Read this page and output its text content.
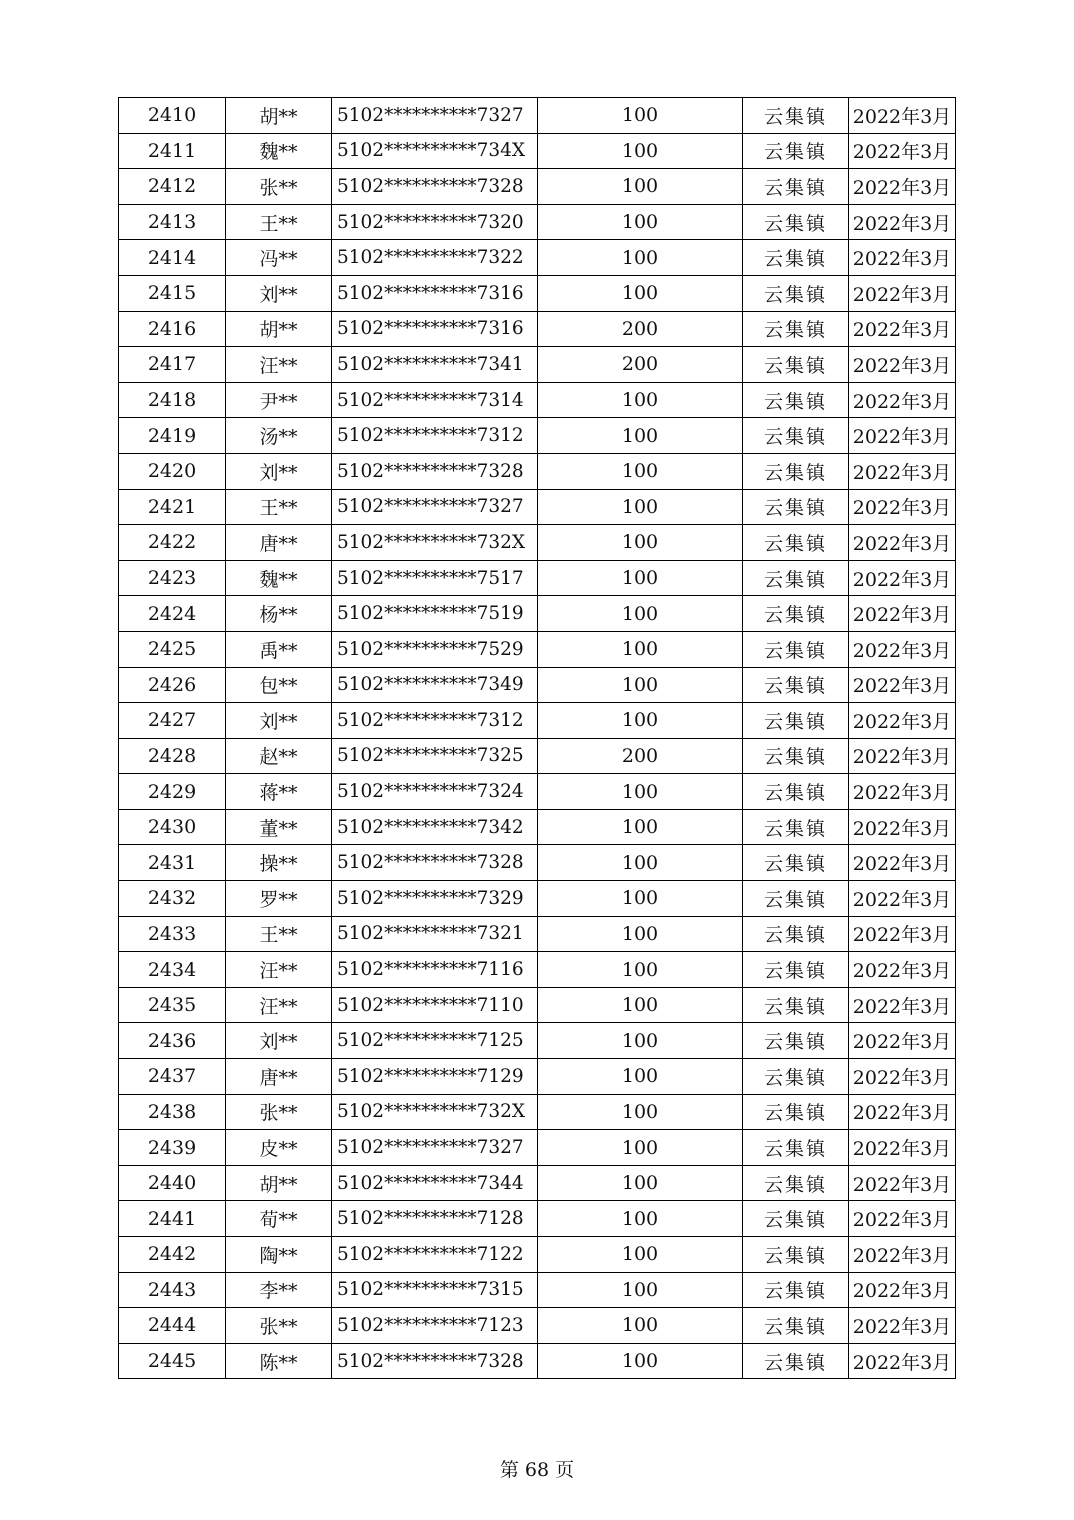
2410	胡**	5102**********7327	100	云集镇	2022年3月
2411	魏**	5102**********734X	100	云集镇	2022年3月
2412	张**	5102**********7328	100	云集镇	2022年3月
2413	王**	5102**********7320	100	云集镇	2022年3月
2414	冯**	5102**********7322	100	云集镇	2022年3月
2415	刘**	5102**********7316	100	云集镇	2022年3月
2416	胡**	5102**********7316	200	云集镇	2022年3月
2417	汪**	5102**********7341	200	云集镇	2022年3月
2418	尹**	5102**********7314	100	云集镇	2022年3月
2419	汤**	5102**********7312	100	云集镇	2022年3月
2420	刘**	5102**********7328	100	云集镇	2022年3月
2421	王**	5102**********7327	100	云集镇	2022年3月
2422	唐**	5102**********732X	100	云集镇	2022年3月
2423	魏**	5102**********7517	100	云集镇	2022年3月
2424	杨**	5102**********7519	100	云集镇	2022年3月
2425	禹**	5102**********7529	100	云集镇	2022年3月
2426	包**	5102**********7349	100	云集镇	2022年3月
2427	刘**	5102**********7312	100	云集镇	2022年3月
2428	赵**	5102**********7325	200	云集镇	2022年3月
2429	蒋**	5102**********7324	100	云集镇	2022年3月
2430	董**	5102**********7342	100	云集镇	2022年3月
2431	操**	5102**********7328	100	云集镇	2022年3月
2432	罗**	5102**********7329	100	云集镇	2022年3月
2433	王**	5102**********7321	100	云集镇	2022年3月
2434	汪**	5102**********7116	100	云集镇	2022年3月
2435	汪**	5102**********7110	100	云集镇	2022年3月
2436	刘**	5102**********7125	100	云集镇	2022年3月
2437	唐**	5102**********7129	100	云集镇	2022年3月
2438	张**	5102**********732X	100	云集镇	2022年3月
2439	皮**	5102**********7327	100	云集镇	2022年3月
2440	胡**	5102**********7344	100	云集镇	2022年3月
2441	荀**	5102**********7128	100	云集镇	2022年3月
2442	陶**	5102**********7122	100	云集镇	2022年3月
2443	李**	5102**********7315	100	云集镇	2022年3月
2444	张**	5102**********7123	100	云集镇	2022年3月
2445	陈**	5102**********7328	100	云集镇	2022年3月
第 68 页
